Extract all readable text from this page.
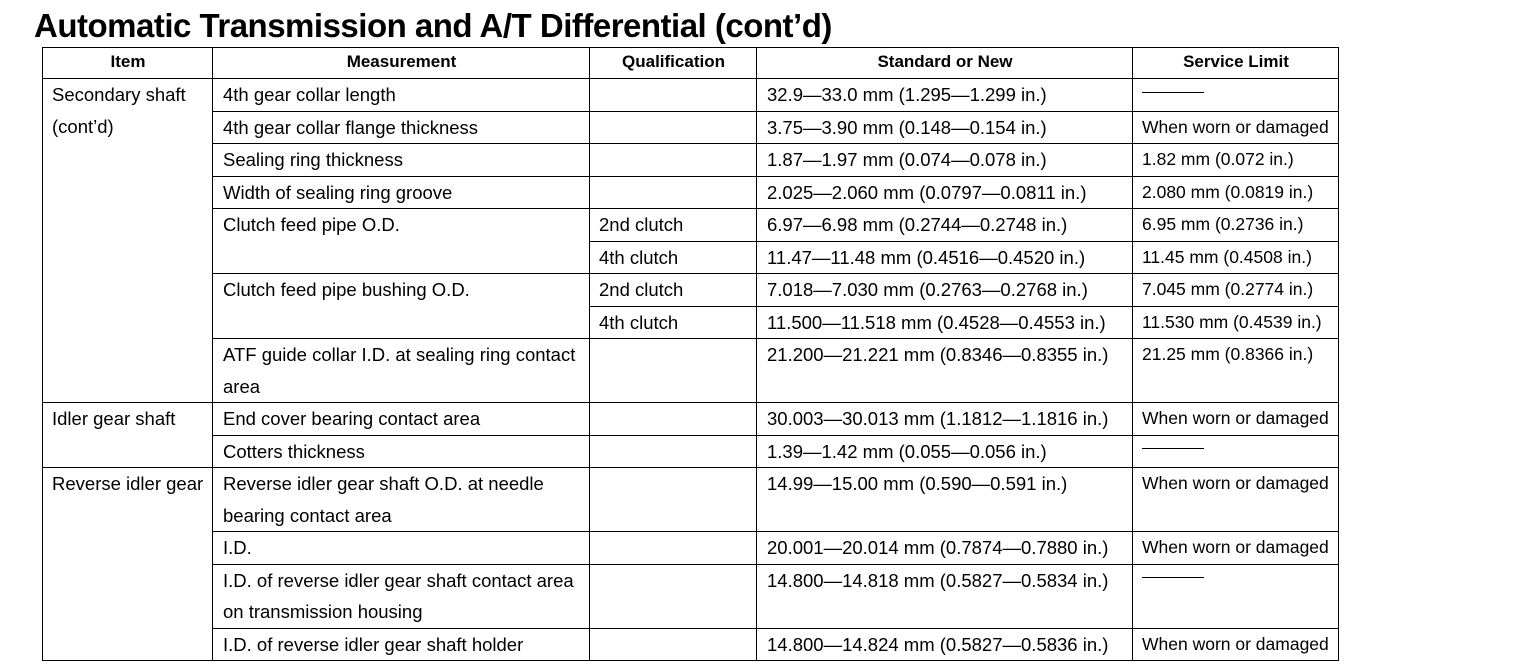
Automatic Transmission and A/T Differential (cont’d)
Item	Measurement	Qualification	Standard or New	Service Limit
Secondary shaft (cont’d)	4th gear collar length		32.9—33.0 mm (1.295—1.299 in.)	
	4th gear collar flange thickness		3.75—3.90 mm (0.148—0.154 in.)	When worn or damaged
	Sealing ring thickness		1.87—1.97 mm (0.074—0.078 in.)	1.82 mm (0.072 in.)
	Width of sealing ring groove		2.025—2.060 mm (0.0797—0.0811 in.)	2.080 mm (0.0819 in.)
	Clutch feed pipe O.D.	2nd clutch	6.97—6.98 mm (0.2744—0.2748 in.)	6.95 mm (0.2736 in.)
		4th clutch	11.47—11.48 mm (0.4516—0.4520 in.)	11.45 mm (0.4508 in.)
	Clutch feed pipe bushing O.D.	2nd clutch	7.018—7.030 mm (0.2763—0.2768 in.)	7.045 mm (0.2774 in.)
		4th clutch	11.500—11.518 mm (0.4528—0.4553 in.)	11.530 mm (0.4539 in.)
	ATF guide collar I.D. at sealing ring contact area		21.200—21.221 mm (0.8346—0.8355 in.)	21.25 mm (0.8366 in.)
Idler gear shaft	End cover bearing contact area		30.003—30.013 mm (1.1812—1.1816 in.)	When worn or damaged
	Cotters thickness		1.39—1.42 mm (0.055—0.056 in.)	
Reverse idler gear	Reverse idler gear shaft O.D. at needle bearing contact area		14.99—15.00 mm (0.590—0.591 in.)	When worn or damaged
	I.D.		20.001—20.014 mm (0.7874—0.7880 in.)	When worn or damaged
	I.D. of reverse idler gear shaft contact area on transmission housing		14.800—14.818 mm (0.5827—0.5834 in.)	
	I.D. of reverse idler gear shaft holder		14.800—14.824 mm (0.5827—0.5836 in.)	When worn or damaged
